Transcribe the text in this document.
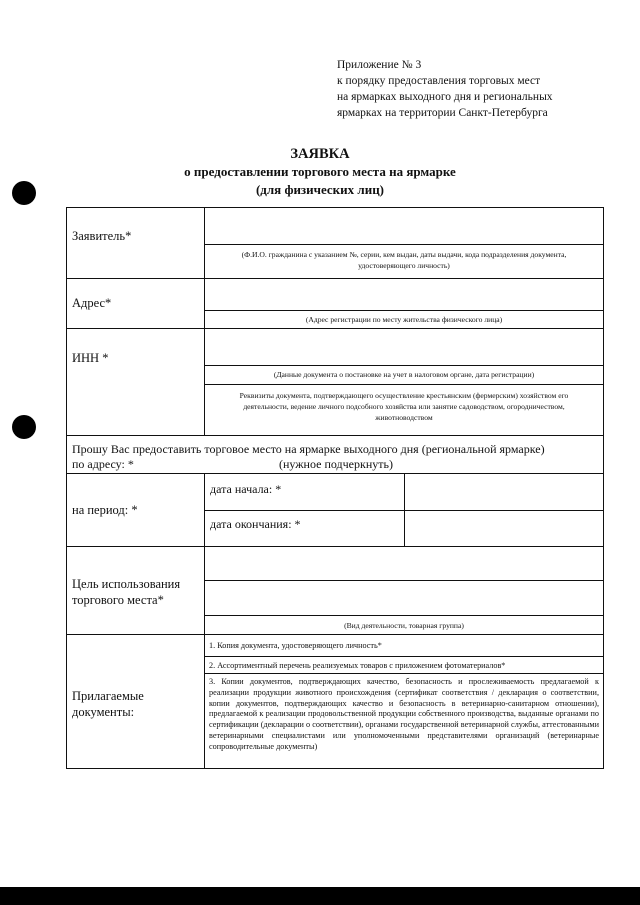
Приложение № 3
к порядку предоставления торговых мест
на ярмарках выходного дня и региональных
ярмарках на территории Санкт-Петербурга
ЗАЯВКА
о предоставлении торгового места на ярмарке
(для физических лиц)
Заявитель*
(Ф.И.О. гражданина с указанием №, серии, кем выдан, даты выдачи, кода подразделения документа, удостоверяющего личность)
Адрес*
(Адрес регистрации по месту жительства физического лица)
ИНН *
(Данные документа о постановке на учет в налоговом органе, дата регистрации)
Реквизиты документа, подтверждающего осуществление крестьянским (фермерским) хозяйством его деятельности, ведение личного подсобного хозяйства или занятие садоводством, огородничеством, животноводством
Прошу Вас предоставить торговое место на ярмарке выходного дня (региональной ярмарке)
по адресу: *	(нужное подчеркнуть)
на период: *
дата начала: *
дата окончания: *
Цель использования торгового места*
(Вид деятельности, товарная группа)
Прилагаемые документы:
1. Копия документа, удостоверяющего личность*
2. Ассортиментный перечень реализуемых товаров с приложением фотоматериалов*
3. Копии документов, подтверждающих качество, безопасность и прослеживаемость предлагаемой к реализации продукции животного происхождения (сертификат соответствия / декларация о соответствии, копии документов, подтверждающих качество и безопасность в ветеринарно-санитарном отношении), предлагаемой к реализации продовольственной продукции собственного производства, выданные органами по сертификации (декларации о соответствии), органами государственной ветеринарной службы, аттестованными ветеринарными специалистами или уполномоченными представителями организаций (ветеринарные сопроводительные документы)
